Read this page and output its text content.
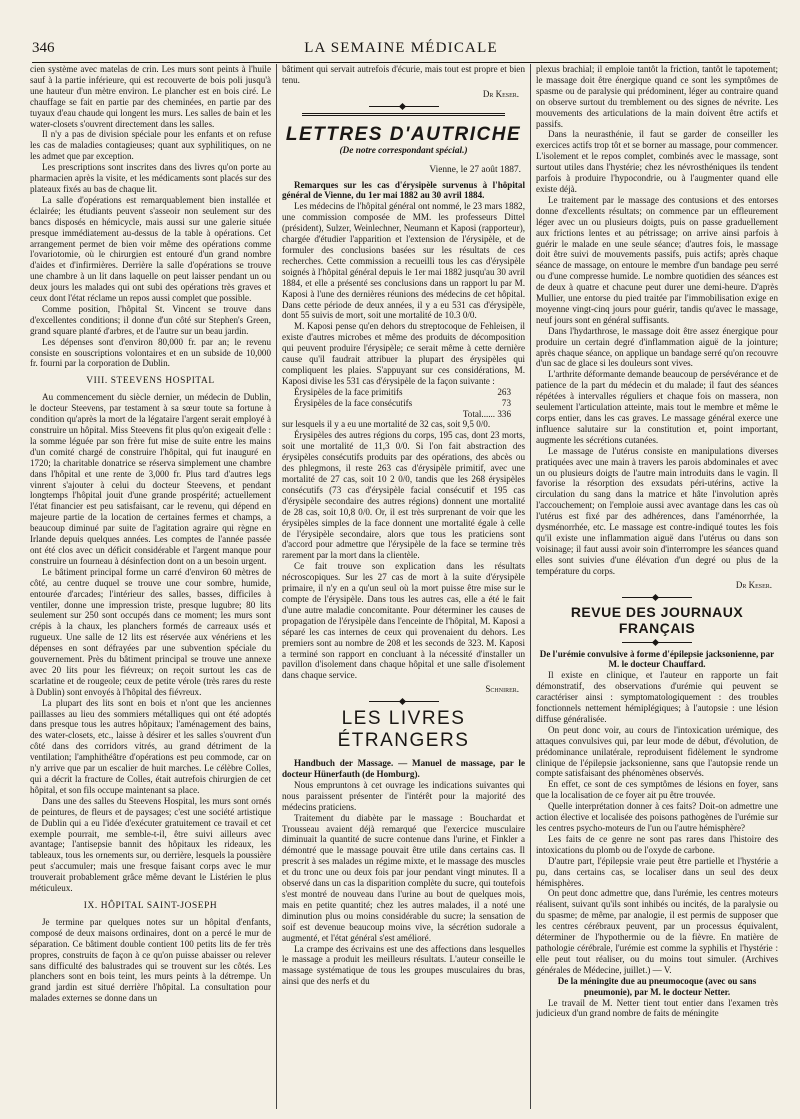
346	LA SEMAINE MÉDICALE

cien système avec matelas de crin. Les murs sont peints à l'huile sauf à la partie inférieure, qui est recouverte de bois poli jusqu'à une hauteur d'un mètre environ. Le plancher est en bois ciré. Le chauffage se fait en partie par des cheminées, en partie par des tuyaux d'eau chaude qui longent les murs. Les salles de bain et les water-closets s'ouvrent directement dans les salles.

Il n'y a pas de division spéciale pour les enfants et on refuse les cas de maladies contagieuses; quant aux syphilitiques, on ne les admet que par exception.

Les prescriptions sont inscrites dans des livres qu'on porte au pharmacien après la visite, et les médicaments sont placés sur des plateaux fixés au bas de chaque lit.

La salle d'opérations est remarquablement bien installée et éclairée; les étudiants peuvent s'asseoir non seulement sur des bancs disposés en hémicycle, mais aussi sur une galerie située presque immédiatement au-dessus de la table à opérations. Cet arrangement permet de bien voir même des opérations comme l'ovariotomie, où le chirurgien est entouré d'un grand nombre d'aides et d'infirmières. Derrière la salle d'opérations se trouve une chambre à un lit dans laquelle on peut laisser pendant un ou deux jours les malades qui ont subi des opérations très graves et ceux dont l'état réclame un repos aussi complet que possible.

Comme position, l'hôpital St. Vincent se trouve dans d'excellentes conditions; il donne d'un côté sur Stephen's Green, grand square planté d'arbres, et de l'autre sur un beau jardin.

Les dépenses sont d'environ 80,000 fr. par an; le revenu consiste en souscriptions volontaires et en un subside de 10,000 fr. fourni par la corporation de Dublin.

VIII. STEEVENS HOSPITAL

Au commencement du siècle dernier, un médecin de Dublin, le docteur Steevens, par testament à sa sœur toute sa fortune à condition qu'après la mort de la légataire l'argent serait employé à construire un hôpital. Miss Steevens fit plus qu'on exigeait d'elle : la somme léguée par son frère fut mise de suite entre les mains d'un comité chargé de construire l'hôpital, qui fut inauguré en 1720; la charitable donatrice se réserva simplement une chambre dans l'hôpital et une rente de 3,000 fr. Plus tard d'autres legs vinrent s'ajouter à celui du docteur Steevens, et pendant longtemps l'hôpital jouit d'une grande prospérité; actuellement l'état financier est peu satisfaisant, car le revenu, qui dépend en majeure partie de la location de certaines fermes et champs, a beaucoup diminué par suite de l'agitation agraire qui règne en Irlande depuis quelques années. Les comptes de l'année passée ont été clos avec un déficit considérable et l'argent manque pour construire un fourneau à désinfection dont on a un besoin urgent.

Le bâtiment principal forme un carré d'environ 60 mètres de côté, au centre duquel se trouve une cour sombre, humide, entourée d'arcades; l'intérieur des salles, basses, difficiles à ventiler, donne une impression triste, presque lugubre; 80 lits seulement sur 250 sont occupés dans ce moment; les murs sont crépis à la chaux, les planchers formés de carreaux usés et rugueux. Une salle de 12 lits est réservée aux vénériens et les dépenses en sont défrayées par une subvention spéciale du gouvernement. Près du bâtiment principal se trouve une annexe avec 20 lits pour les fiévreux; on reçoit surtout les cas de scarlatine et de rougeole; ceux de petite vérole (très rares du reste à Dublin) sont envoyés à l'hôpital des fiévreux.

La plupart des lits sont en bois et n'ont que les anciennes paillasses au lieu des sommiers métalliques qui ont été adoptés dans presque tous les autres hôpitaux; l'aménagement des bains, des water-closets, etc., laisse à désirer et les salles s'ouvrent d'un côté dans des corridors vitrés, au grand détriment de la ventilation; l'amphithéâtre d'opérations est peu commode, car on n'y arrive que par un escalier de huit marches. Le célèbre Colles, qui a décrit la fracture de Colles, était autrefois chirurgien de cet hôpital, et son fils occupe maintenant sa place.

Dans une des salles du Steevens Hospital, les murs sont ornés de peintures, de fleurs et de paysages; c'est une société artistique de Dublin qui a eu l'idée d'exécuter gratuitement ce travail et cet exemple pourrait, me semble-t-il, être suivi ailleurs avec avantage; l'antisepsie bannit des hôpitaux les rideaux, les tableaux, tous les ornements sur, ou derrière, lesquels la poussière peut s'accumuler; mais une fresque faisant corps avec le mur trouverait probablement grâce même devant le Listérien le plus méticuleux.

IX. HÔPITAL SAINT-JOSEPH

Je termine par quelques notes sur un hôpital d'enfants, composé de deux maisons ordinaires, dont on a percé le mur de séparation. Ce bâtiment double contient 100 petits lits de fer très propres, construits de façon à ce qu'on puisse abaisser ou relever sans difficulté des balustrades qui se trouvent sur les côtés. Les planchers sont en bois teint, les murs peints à la détrempe. Un grand jardin est situé derrière l'hôpital. La consultation pour malades externes se donne dans un

bâtiment qui servait autrefois d'écurie, mais tout est propre et bien tenu.

Dr Keser.
LETTRES D'AUTRICHE
(De notre correspondant spécial.)
Vienne, le 27 août 1887.

Remarques sur les cas d'érysipèle survenus à l'hôpital général de Vienne, du 1er mai 1882 au 30 avril 1884.

Les médecins de l'hôpital général ont nommé, le 23 mars 1882, une commission composée de MM. les professeurs Dittel (président), Sulzer, Weinlechner, Neumann et Kaposi (rapporteur), chargée d'étudier l'apparition et l'extension de l'érysipèle, et de formuler des conclusions basées sur les résultats de ces recherches. Cette commission a recueilli tous les cas d'érysipèle soignés à l'hôpital général depuis le 1er mai 1882 jusqu'au 30 avril 1884, et elle a présenté ses conclusions dans un rapport lu par M. Kaposi à l'une des dernières réunions des médecins de cet hôpital. Dans cette période de deux années, il y a eu 531 cas d'érysipèle, dont 55 suivis de mort, soit une mortalité de 10.3 0/0.

M. Kaposi pense qu'en dehors du streptocoque de Fehleisen, il existe d'autres microbes et même des produits de décomposition qui peuvent produire l'érysipèle; ce serait même à cette dernière cause qu'il faudrait attribuer la plupart des érysipèles qui compliquent les plaies. S'appuyant sur ces considérations, M. Kaposi divise les 531 cas d'érysipèle de la façon suivante :

Érysipèles de la face primitifs	263
Érysipèles de la face consécutifs	73
Total...... 336

sur lesquels il y a eu une mortalité de 32 cas, soit 9,5 0/0.

Érysipèles des autres régions du corps, 195 cas, dont 23 morts, soit une mortalité de 11,3 0/0. Si l'on fait abstraction des érysipèles consécutifs produits par des opérations, des abcès ou des phlegmons, il reste 263 cas d'érysipèle primitif, avec une mortalité de 27 cas, soit 10 2 0/0, tandis que les 268 érysipèles consécutifs (73 cas d'érysipèle facial consécutif et 195 cas d'érysipèle secondaire des autres régions) donnent une mortalité de 28 cas, soit 10,8 0/0. Or, il est très surprenant de voir que les érysipèles simples de la face donnent une mortalité égale à celle de l'érysipèle secondaire, alors que tous les praticiens sont d'accord pour admettre que l'érysipèle de la face se termine très rarement par la mort dans la clientèle.

Ce fait trouve son explication dans les résultats nécroscopiques. Sur les 27 cas de mort à la suite d'érysipèle primaire, il n'y en a qu'un seul où la mort puisse être mise sur le compte de l'érysipèle. Dans tous les autres cas, elle a été le fait d'une autre maladie concomitante. Pour déterminer les causes de propagation de l'érysipèle dans l'enceinte de l'hôpital, M. Kaposi a séparé les cas internes de ceux qui provenaient du dehors. Les premiers sont au nombre de 208 et les seconds de 323. M. Kaposi a terminé son rapport en concluant à la nécessité d'installer un pavillon d'isolement dans chaque hôpital et une salle d'isolement dans chaque service.

Schnirer.
LES LIVRES ÉTRANGERS

Handbuch der Massage. — Manuel de massage, par le docteur Hünerfauth (de Homburg).

Nous empruntons à cet ouvrage les indications suivantes qui nous paraissent présenter de l'intérêt pour la majorité des médecins praticiens.

Traitement du diabète par le massage : Bouchardat et Trousseau avaient déjà remarqué que l'exercice musculaire diminuait la quantité de sucre contenue dans l'urine, et Finkler a démontré que le massage pouvait être utile dans certains cas. Il prescrit à ses malades un régime mixte, et le massage des muscles et du tronc une ou deux fois par jour pendant vingt minutes. Il a observé dans un cas la disparition complète du sucre, qui toutefois s'est montré de nouveau dans l'urine au bout de quelques mois, mais en petite quantité; chez les autres malades, il a noté une diminution plus ou moins considérable du sucre; la sensation de soif est devenue beaucoup moins vive, la sécrétion sudorale a augmenté, et l'état général s'est amélioré.

La crampe des écrivains est une des affections dans lesquelles le massage a produit les meilleurs résultats. L'auteur conseille le massage systématique de tous les groupes musculaires du bras, ainsi que des nerfs et du

plexus brachial; il emploie tantôt la friction, tantôt le tapotement; le massage doit être énergique quand ce sont les symptômes de spasme ou de paralysie qui prédominent, léger au contraire quand on observe surtout du tremblement ou des signes de névrite. Les mouvements des articulations de la main doivent être actifs et passifs.

Dans la neurasthénie, il faut se garder de conseiller les exercices actifs trop tôt et se borner au massage, pour commencer. L'isolement et le repos complet, combinés avec le massage, sont surtout utiles dans l'hystérie; chez les névrosthéniques ils tendent parfois à produire l'hypocondrie, ou à l'augmenter quand elle existe déjà.

Le traitement par le massage des contusions et des entorses donne d'excellents résultats; on commence par un effleurement léger avec un ou plusieurs doigts, puis on passe graduellement aux frictions lentes et au pétrissage; on arrive ainsi parfois à guérir le malade en une seule séance; d'autres fois, le massage doit être suivi de mouvements passifs, puis actifs; après chaque séance de massage, on entoure le membre d'un bandage peu serré ou d'une compresse humide. Le nombre quotidien des séances est de deux à quatre et chacune peut durer une demi-heure. D'après Mullier, une entorse du pied traitée par l'immobilisation exige en moyenne vingt-cinq jours pour guérir, tandis qu'avec le massage, neuf jours sont en général suffisants.

Dans l'hydarthrose, le massage doit être assez énergique pour produire un certain degré d'inflammation aiguë de la jointure; après chaque séance, on applique un bandage serré qu'on recouvre d'un sac de glace si les douleurs sont vives.

L'arthrite déformante demande beaucoup de persévérance et de patience de la part du médecin et du malade; il faut des séances répétées à intervalles réguliers et chaque fois on massera, non seulement l'articulation atteinte, mais tout le membre et même le corps entier, dans les cas graves. Le massage général exerce une influence salutaire sur la constitution et, point important, augmente les sécrétions cutanées.

Le massage de l'utérus consiste en manipulations diverses pratiquées avec une main à travers les parois abdominales et avec un ou plusieurs doigts de l'autre main introduits dans le vagin. Il favorise la résorption des exsudats péri-utérins, active la circulation du sang dans la matrice et hâte l'involution après l'accouchement; on l'emploie aussi avec avantage dans les cas où l'utérus est fixé par des adhérences, dans l'aménorrhée, la dysménorrhée, etc. Le massage est contre-indiqué toutes les fois qu'il existe une inflammation aiguë dans l'utérus ou dans son voisinage; il faut aussi avoir soin d'interrompre les séances quand elles sont suivies d'une élévation d'un degré ou plus de la température du corps.

Dr Keser.
REVUE DES JOURNAUX FRANÇAIS

De l'urémie convulsive à forme d'épilepsie jacksonienne, par M. le docteur Chauffard.

Il existe en clinique, et l'auteur en rapporte un fait démonstratif, des observations d'urémie qui peuvent se caractériser ainsi : symptomatologiquement : des troubles fonctionnels nettement hémiplégiques; à l'autopsie : une lésion diffuse généralisée.

On peut donc voir, au cours de l'intoxication urémique, des attaques convulsives qui, par leur mode de début, d'évolution, de prédominance unilatérale, reproduisent fidèlement le syndrome clinique de l'épilepsie jacksonienne, sans que l'autopsie rende un compte satisfaisant des phénomènes observés.

En effet, ce sont de ces symptômes de lésions en foyer, sans que la localisation de ce foyer ait pu être trouvée.

Quelle interprétation donner à ces faits? Doit-on admettre une action élective et localisée des poisons pathogènes de l'urémie sur les centres psycho-moteurs de l'un ou l'autre hémisphère?

Les faits de ce genre ne sont pas rares dans l'histoire des intoxications du plomb ou de l'oxyde de carbone.

D'autre part, l'épilepsie vraie peut être partielle et l'hystérie a pu, dans certains cas, se localiser dans un seul des deux hémisphères.

On peut donc admettre que, dans l'urémie, les centres moteurs réalisent, suivant qu'ils sont inhibés ou incités, de la paralysie ou du spasme; de même, par analogie, il est permis de supposer que les centres cérébraux peuvent, par un processus équivalent, déterminer de l'hypothermie ou de la fièvre. En matière de pathologie cérébrale, l'urémie est comme la syphilis et l'hystérie : elle peut tout réaliser, ou du moins tout simuler. (Archives générales de Médecine, juillet.) — V.

De la méningite due au pneumocoque (avec ou sans pneumonie), par M. le docteur Netter.

Le travail de M. Netter tient tout entier dans l'examen très judicieux d'un grand nombre de faits de méningite
